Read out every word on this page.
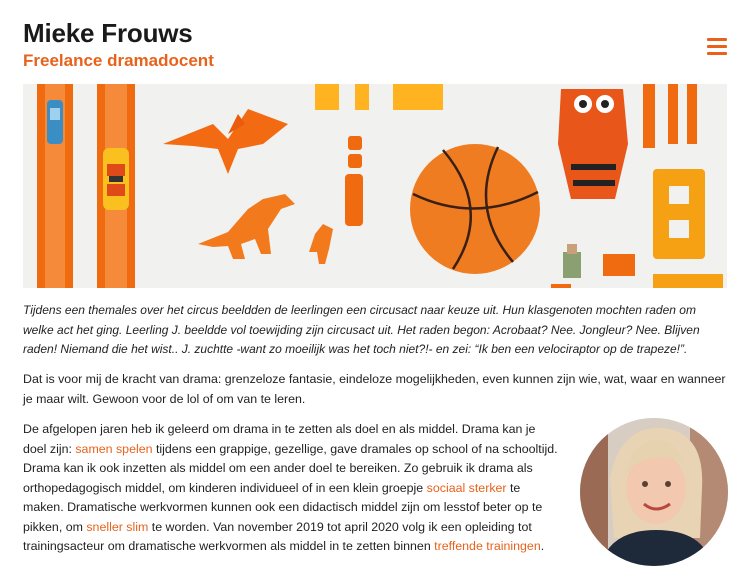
Mieke Frouws
Freelance dramadocent

Tijdens een themales over het circus beeldden de leerlingen een circusact naar keuze uit. Hun klasgenoten mochten raden om welke act het ging. Leerling J. beeldde vol toewijding zijn circusact uit. Het raden begon: Acrobaat? Nee. Jongleur? Nee. Blijven raden! Niemand die het wist.. J. zuchtte -want zo moeilijk was het toch niet?!- en zei: “Ik ben een velociraptor op de trapeze!”.

Dat is voor mij de kracht van drama: grenzeloze fantasie, eindeloze mogelijkheden, even kunnen zijn wie, wat, waar en wanneer je maar wilt. Gewoon voor de lol of om van te leren.

De afgelopen jaren heb ik geleerd om drama in te zetten als doel en als middel. Drama kan je doel zijn: samen spelen tijdens een grappige, gezellige, gave dramales op school of na schooltijd. Drama kan ik ook inzetten als middel om een ander doel te bereiken. Zo gebruik ik drama als orthopedagogisch middel, om kinderen individueel of in een klein groepje sociaal sterker te maken. Dramatische werkvormen kunnen ook een didactisch middel zijn om lesstof beter op te pikken, om sneller slim te worden. Van november 2019 tot april 2020 volg ik een opleiding tot trainingsacteur om dramatische werkvormen als middel in te zetten binnen treffende trainingen.
